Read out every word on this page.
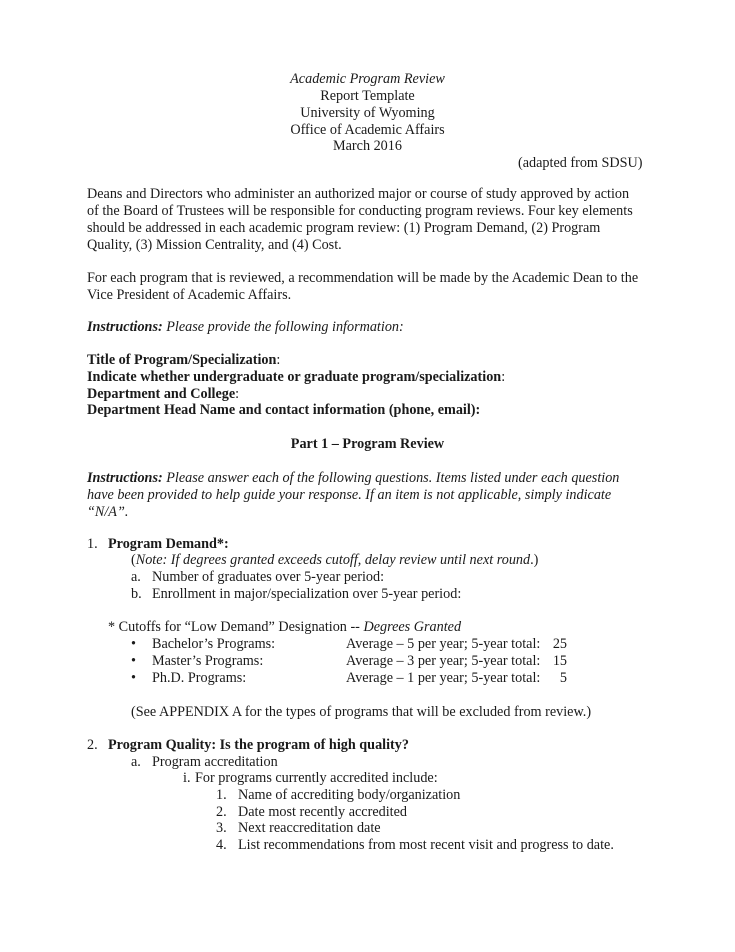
Academic Program Review
Report Template
University of Wyoming
Office of Academic Affairs
March 2016
(adapted from SDSU)
Deans and Directors who administer an authorized major or course of study approved by action
of the Board of Trustees will be responsible for conducting program reviews. Four key elements
should be addressed in each academic program review: (1) Program Demand, (2) Program
Quality, (3) Mission Centrality, and (4) Cost.
For each program that is reviewed, a recommendation will be made by the Academic Dean to the
Vice President of Academic Affairs.
Instructions: Please provide the following information:
Title of Program/Specialization:
Indicate whether undergraduate or graduate program/specialization:
Department and College:
Department Head Name and contact information (phone, email):
Part 1 – Program Review
Instructions: Please answer each of the following questions. Items listed under each question
have been provided to help guide your response. If an item is not applicable, simply indicate
“N/A”.
1. Program Demand*:
(Note: If degrees granted exceeds cutoff, delay review until next round.)
a. Number of graduates over 5-year period:
b. Enrollment in major/specialization over 5-year period:
* Cutoffs for “Low Demand” Designation -- Degrees Granted
• Bachelor’s Programs:	Average – 5 per year; 5-year total: 25
• Master’s Programs:	Average – 3 per year; 5-year total: 15
• Ph.D. Programs:	Average – 1 per year; 5-year total:	5
(See APPENDIX A for the types of programs that will be excluded from review.)
2. Program Quality: Is the program of high quality?
a. Program accreditation
i. For programs currently accredited include:
1. Name of accrediting body/organization
2. Date most recently accredited
3. Next reaccreditation date
4. List recommendations from most recent visit and progress to date.
